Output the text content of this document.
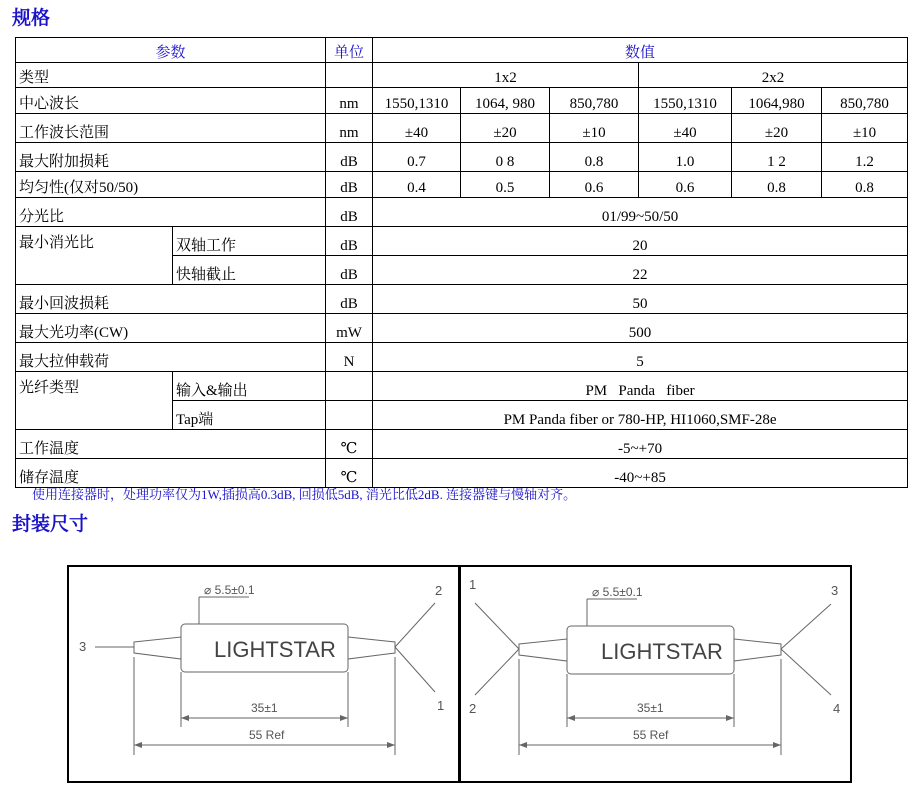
规格
参数		单位	数值					
类型			1x2			2x2		
中心波长		nm	1550,1310	1064, 980	850,780	1550,1310	1064,980	850,780
工作波长范围		nm	±40	±20	±10	±40	±20	±10
最大附加损耗		dB	0.7	0 8	0.8	1.0	1 2	1.2
均匀性(仅对50/50)		dB	0.4	0.5	0.6	0.6	0.8	0.8
分光比		dB	01/99~50/50					
最小消光比	双轴工作	dB	20					
	快轴截止	dB	22					
最小回波损耗		dB	50					
最大光功率(CW)		mW	500					
最大拉伸载荷		N	5					
光纤类型	输入&输出		PM   Panda   fiber					
	Tap端		PM Panda fiber or 780-HP, HI1060,SMF-28e					
工作温度		℃	-5~+70					
储存温度		℃	-40~+85					
使用连接器时，处理功率仅为1W,插损高0.3dB, 回损低5dB, 消光比低2dB. 连接器键与慢轴对齐。
封装尺寸
LIGHTSTAR
⌀ 5.5±0.1
35±1
55 Ref
3
2
1
LIGHTSTAR
⌀ 5.5±0.1
35±1
55 Ref
1
2
3
4
